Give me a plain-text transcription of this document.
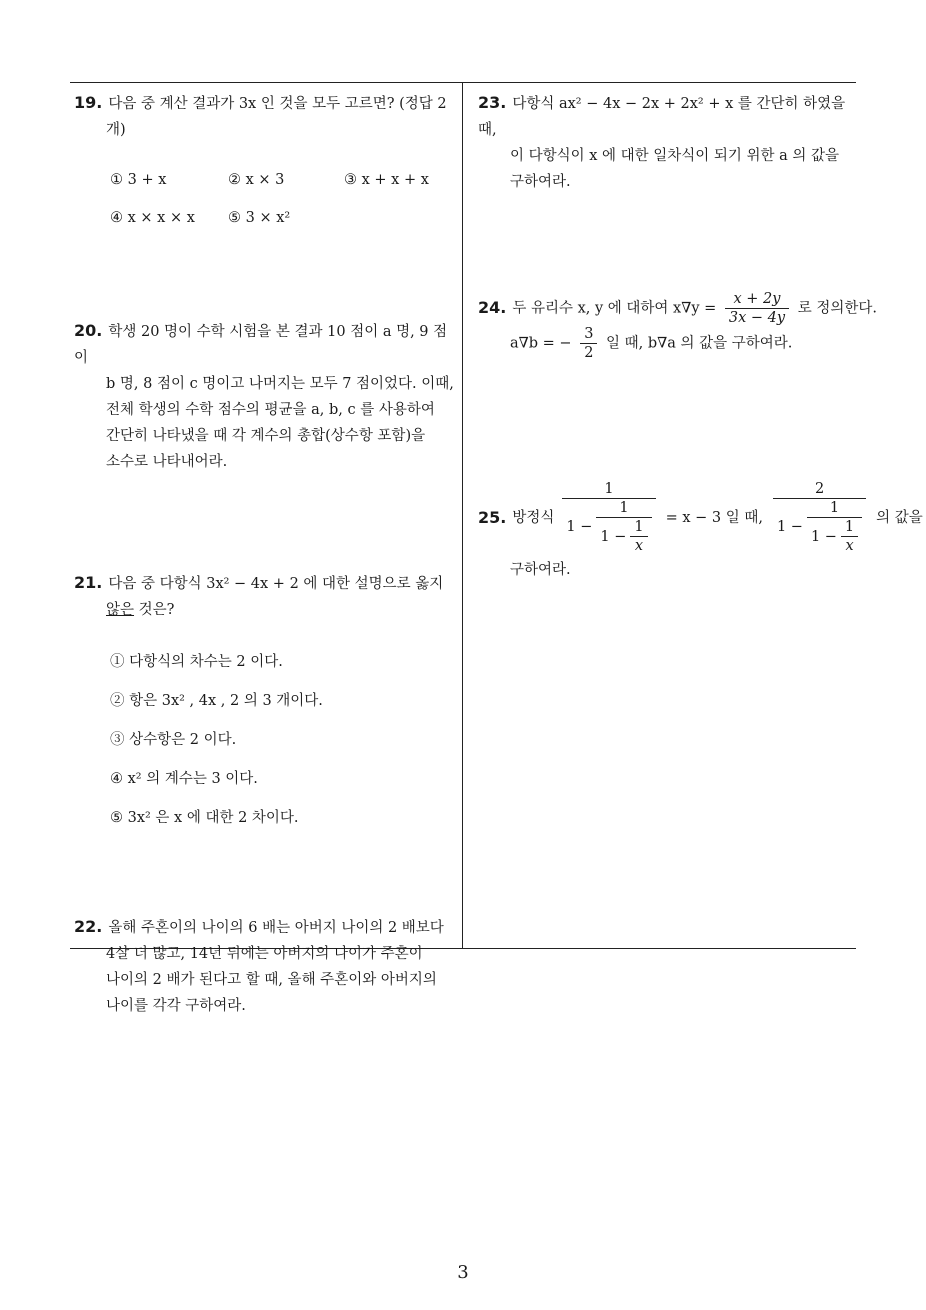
19. 다음 중 계산 결과가 3x 인 것을 모두 고르면? (정답 2
개)
① 3 + x	② x × 3	③ x + x + x
④ x × x × x ⑤ 3 × x²
20. 학생 20 명이 수학 시험을 본 결과 10 점이 a 명, 9 점이
b 명, 8 점이 c 명이고 나머지는 모두 7 점이었다. 이때,
전체 학생의 수학 점수의 평균을 a, b, c 를 사용하여
간단히 나타냈을 때 각 계수의 총합(상수항 포함)을
소수로 나타내어라.
21. 다음 중 다항식 3x² − 4x + 2 에 대한 설명으로 옳지
않은 것은?
① 다항식의 차수는 2 이다.
② 항은 3x² , 4x , 2 의 3 개이다.
③ 상수항은 2 이다.
④ x² 의 계수는 3 이다.
⑤ 3x² 은 x 에 대한 2 차이다.
22. 올해 주혼이의 나이의 6 배는 아버지 나이의 2 배보다
4살 더 많고, 14년 뒤에는 아버지의 나이가 주혼이
나이의 2 배가 된다고 할 때, 올해 주혼이와 아버지의
나이를 각각 구하여라.
23. 다항식 ax² − 4x − 2x + 2x² + x 를 간단히 하였을 때,
이 다항식이 x 에 대한 일차식이 되기 위한 a 의 값을
구하여라.
24. 두 유리수 x, y 에 대하여 $x\nabla y = \frac{x + 2y}{3x - 4y}$ 로 정의한다.
a∇b = − $\frac{3}{2}$ 일 때, b∇a 의 값을 구하여라.
25. 방정식
1
$1 - \frac{1}{1 - \frac{1}{x}} = x - 3$ 일 때,
2
$1 - \frac{1}{1 - \frac{1}{x}}$ 의 값을
구하여라.
3
